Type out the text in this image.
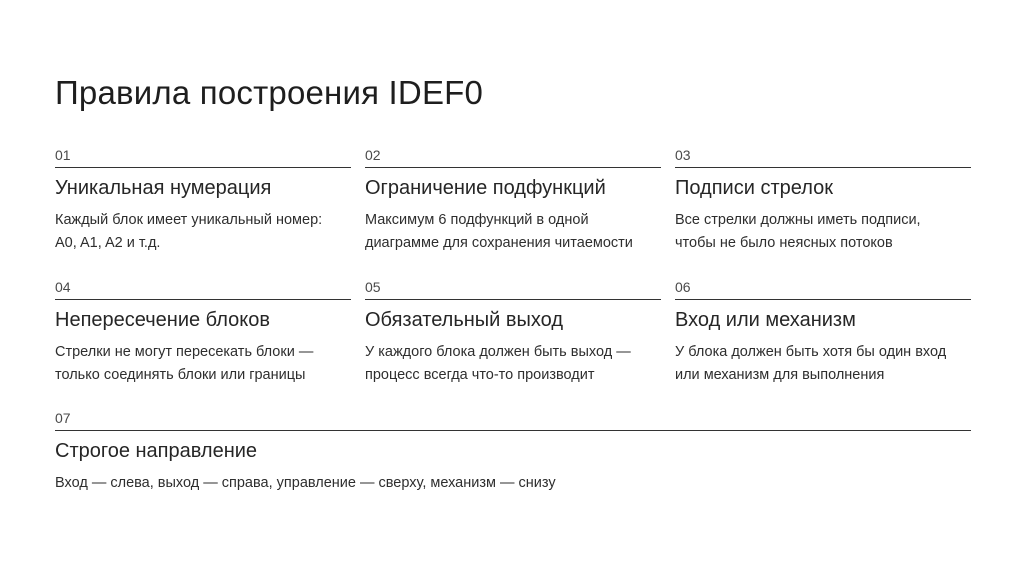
Правила построения IDEF0
01
Уникальная нумерация
Каждый блок имеет уникальный номер: A0, A1, A2 и т.д.
02
Ограничение подфункций
Максимум 6 подфункций в одной диаграмме для сохранения читаемости
03
Подписи стрелок
Все стрелки должны иметь подписи, чтобы не было неясных потоков
04
Непересечение блоков
Стрелки не могут пересекать блоки — только соединять блоки или границы
05
Обязательный выход
У каждого блока должен быть выход — процесс всегда что-то производит
06
Вход или механизм
У блока должен быть хотя бы один вход или механизм для выполнения
07
Строгое направление
Вход — слева, выход — справа, управление — сверху, механизм — снизу
